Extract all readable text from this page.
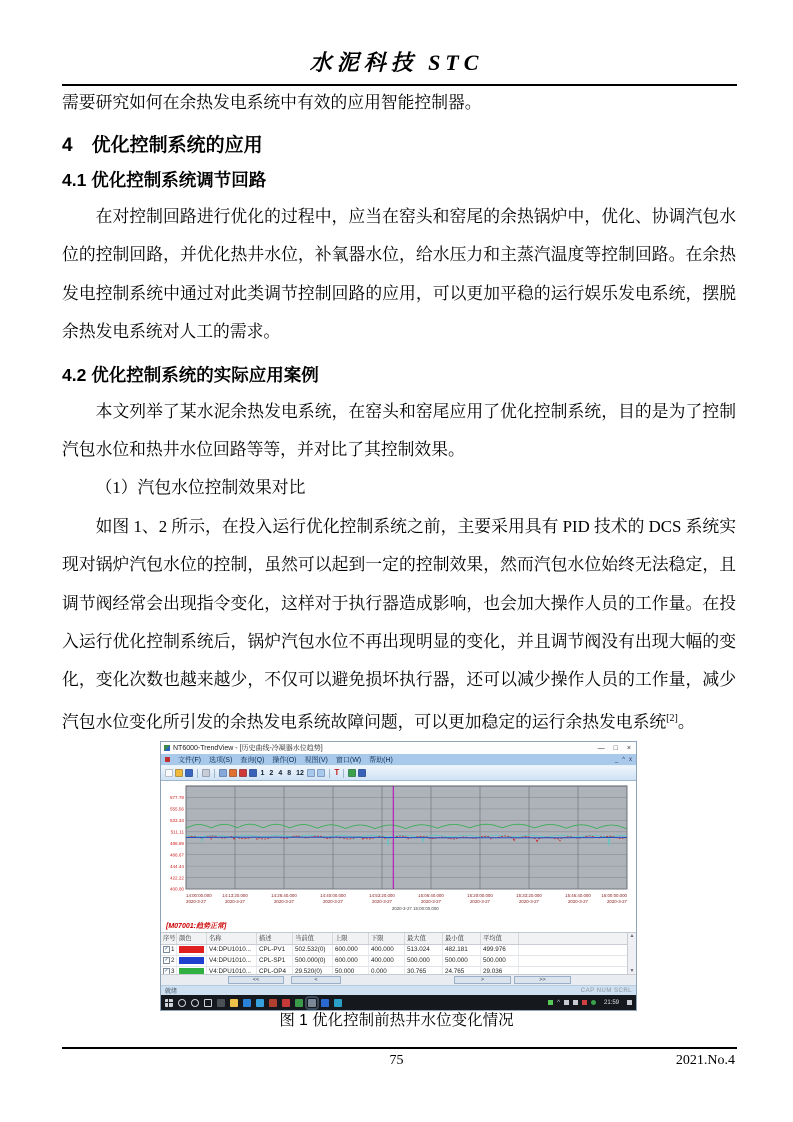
水泥科技 STC

需要研究如何在余热发电系统中有效的应用智能控制器。

4　优化控制系统的应用
4.1 优化控制系统调节回路

在对控制回路进行优化的过程中，应当在窑头和窑尾的余热锅炉中，优化、协调汽包水位的控制回路，并优化热井水位，补氧器水位，给水压力和主蒸汽温度等控制回路。在余热发电控制系统中通过对此类调节控制回路的应用，可以更加平稳的运行娱乐发电系统，摆脱余热发电系统对人工的需求。

4.2 优化控制系统的实际应用案例

本文列举了某水泥余热发电系统，在窑头和窑尾应用了优化控制系统，目的是为了控制汽包水位和热井水位回路等等，并对比了其控制效果。

（1）汽包水位控制效果对比

如图 1、2 所示，在投入运行优化控制系统之前，主要采用具有 PID 技术的 DCS 系统实现对锅炉汽包水位的控制，虽然可以起到一定的控制效果，然而汽包水位始终无法稳定，且调节阀经常会出现指令变化，这样对于执行器造成影响，也会加大操作人员的工作量。在投入运行优化控制系统后，锅炉汽包水位不再出现明显的变化，并且调节阀没有出现大幅的变化，变化次数也越来越少，不仅可以避免损坏执行器，还可以减少操作人员的工作量，减少汽包水位变化所引发的余热发电系统故障问题，可以更加稳定的运行余热发电系统[2]。

NT6000-TrendView - [历史曲线-冷凝器水位趋势]	— □ ×
文件(F) 选项(S) 查询(Q) 操作(O) 视图(V) 窗口(W) 帮助(H)	_ ^ x
1 2 4 8 12	T
577.78
555.56
533.33
511.11
488.89
466.67
444.44
422.22
400.00
14:00:00.000
2020-3-27
14:13:20.000
2020-3-27
14:26:40.000
2020-3-27
14:40:00.000
2020-3-27
14:53:20.000
2020-3-27
15:06:40.000
2020-3-27
15:20:00.000
2020-3-27
15:33:20.000
2020-3-27
15:46:40.000
2020-3-27
16:00:00.000
2020-3-27
2020-3-27 15:00:00.000
[M07001:趋势正常]
序号 颜色	名称	描述	当前值	上限	下限	最大值	最小值	平均值
✓ 1	V4:DPU1010...	CPL-PV1	502.532(0)	600.000	400.000	513.024	482.181	499.976
✓ 2	V4:DPU1010...	CPL-SP1	500.000(0)	600.000	400.000	500.000	500.000	500.000
✓ 3	V4:DPU1010...	CPL-OP4	29.520(0)	50.000	0.000	30.765	24.765	29.036
▲
▼
<<	<	>	>>
就绪	CAP NUM SCRL
^	21:59
图 1 优化控制前热井水位变化情况
75	2021.No.4
